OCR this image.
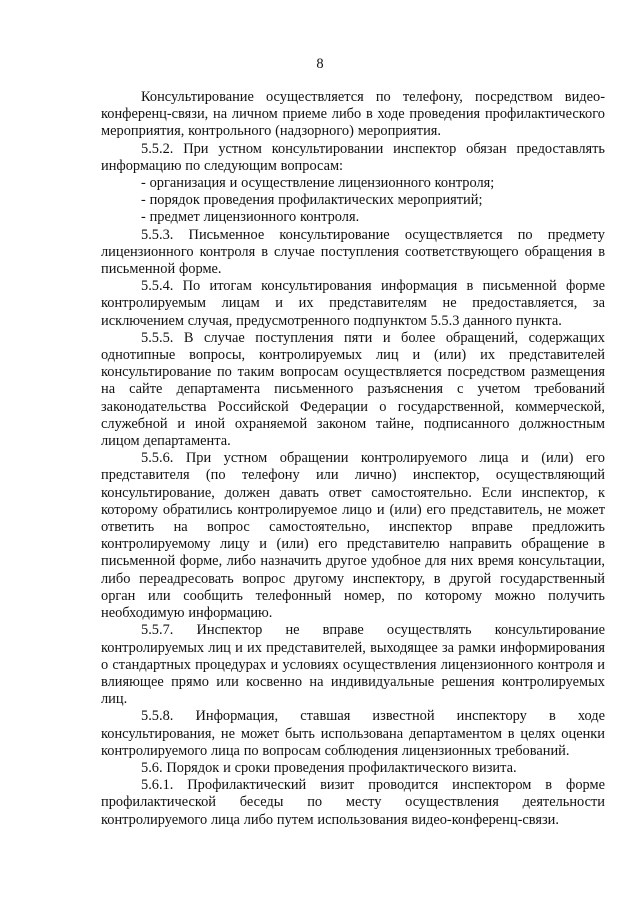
8

Консультирование осуществляется по телефону, посредством видео-конференц-связи, на личном приеме либо в ходе проведения профилактического мероприятия, контрольного (надзорного) мероприятия.

5.5.2. При устном консультировании инспектор обязан предоставлять информацию по следующим вопросам:

- организация и осуществление лицензионного контроля;

- порядок проведения профилактических мероприятий;

- предмет лицензионного контроля.

5.5.3. Письменное консультирование осуществляется по предмету лицензионного контроля в случае поступления соответствующего обращения в письменной форме.

5.5.4. По итогам консультирования информация в письменной форме контролируемым лицам и их представителям не предоставляется, за исключением случая, предусмотренного подпунктом 5.5.3 данного пункта.

5.5.5. В случае поступления пяти и более обращений, содержащих однотипные вопросы, контролируемых лиц и (или) их представителей консультирование по таким вопросам осуществляется посредством размещения на сайте департамента письменного разъяснения с учетом требований законодательства Российской Федерации о государственной, коммерческой, служебной и иной охраняемой законом тайне, подписанного должностным лицом департамента.

5.5.6. При устном обращении контролируемого лица и (или) его представителя (по телефону или лично) инспектор, осуществляющий консультирование, должен давать ответ самостоятельно. Если инспектор, к которому обратились контролируемое лицо и (или) его представитель, не может ответить на вопрос самостоятельно, инспектор вправе предложить контролируемому лицу и (или) его представителю направить обращение в письменной форме, либо назначить другое удобное для них время консультации, либо переадресовать вопрос другому инспектору, в другой государственный орган или сообщить телефонный номер, по которому можно получить необходимую информацию.

5.5.7. Инспектор не вправе осуществлять консультирование контролируемых лиц и их представителей, выходящее за рамки информирования о стандартных процедурах и условиях осуществления лицензионного контроля и влияющее прямо или косвенно на индивидуальные решения контролируемых лиц.

5.5.8. Информация, ставшая известной инспектору в ходе консультирования, не может быть использована департаментом в целях оценки контролируемого лица по вопросам соблюдения лицензионных требований.

5.6. Порядок и сроки проведения профилактического визита.

5.6.1. Профилактический визит проводится инспектором в форме профилактической беседы по месту осуществления деятельности контролируемого лица либо путем использования видео-конференц-связи.
